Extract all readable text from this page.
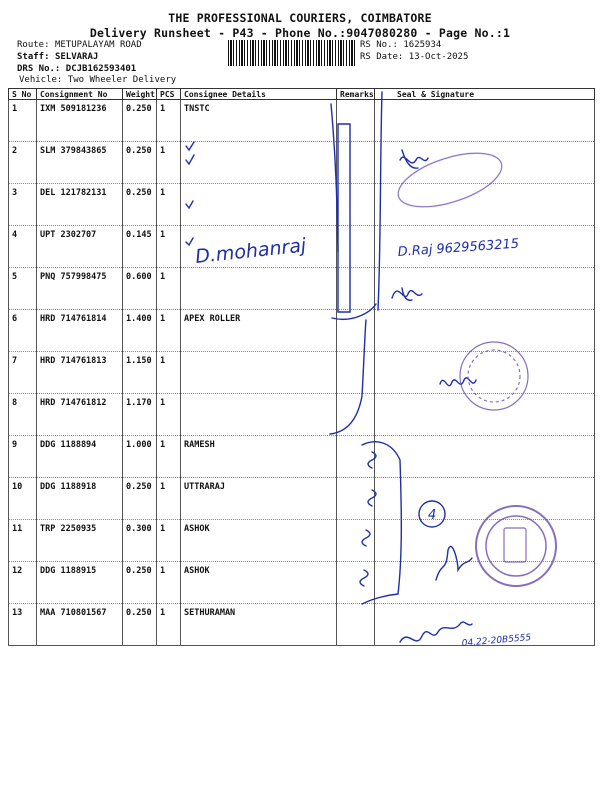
THE PROFESSIONAL COURIERS, COIMBATORE
Delivery Runsheet - P43 - Phone No.:9047080280 - Page No.:1
Route: METUPALAYAM ROAD
Staff: SELVARAJ
DRS No.: DCJB162593401
Vehicle: Two Wheeler Delivery
RS No.: 1625934
RS Date: 13-Oct-2025
S No	Consignment No	Weight	PCS	Consignee Details	Remarks	Seal & Signature
1	IXM 509181236	0.250	1	TNSTC		
2	SLM 379843865	0.250	1			
3	DEL 121782131	0.250	1			
4	UPT 2302707	0.145	1			
5	PNQ 757998475	0.600	1			
6	HRD 714761814	1.400	1	APEX ROLLER		
7	HRD 714761813	1.150	1			
8	HRD 714761812	1.170	1			
9	DDG 1188894	1.000	1	RAMESH		
10	DDG 1188918	0.250	1	UTTRARAJ		
11	TRP 2250935	0.300	1	ASHOK		
12	DDG 1188915	0.250	1	ASHOK		
13	MAA 710801567	0.250	1	SETHURAMAN		
D.mohanraj	D.Raj 9629563215
04.22-20B5555
4
